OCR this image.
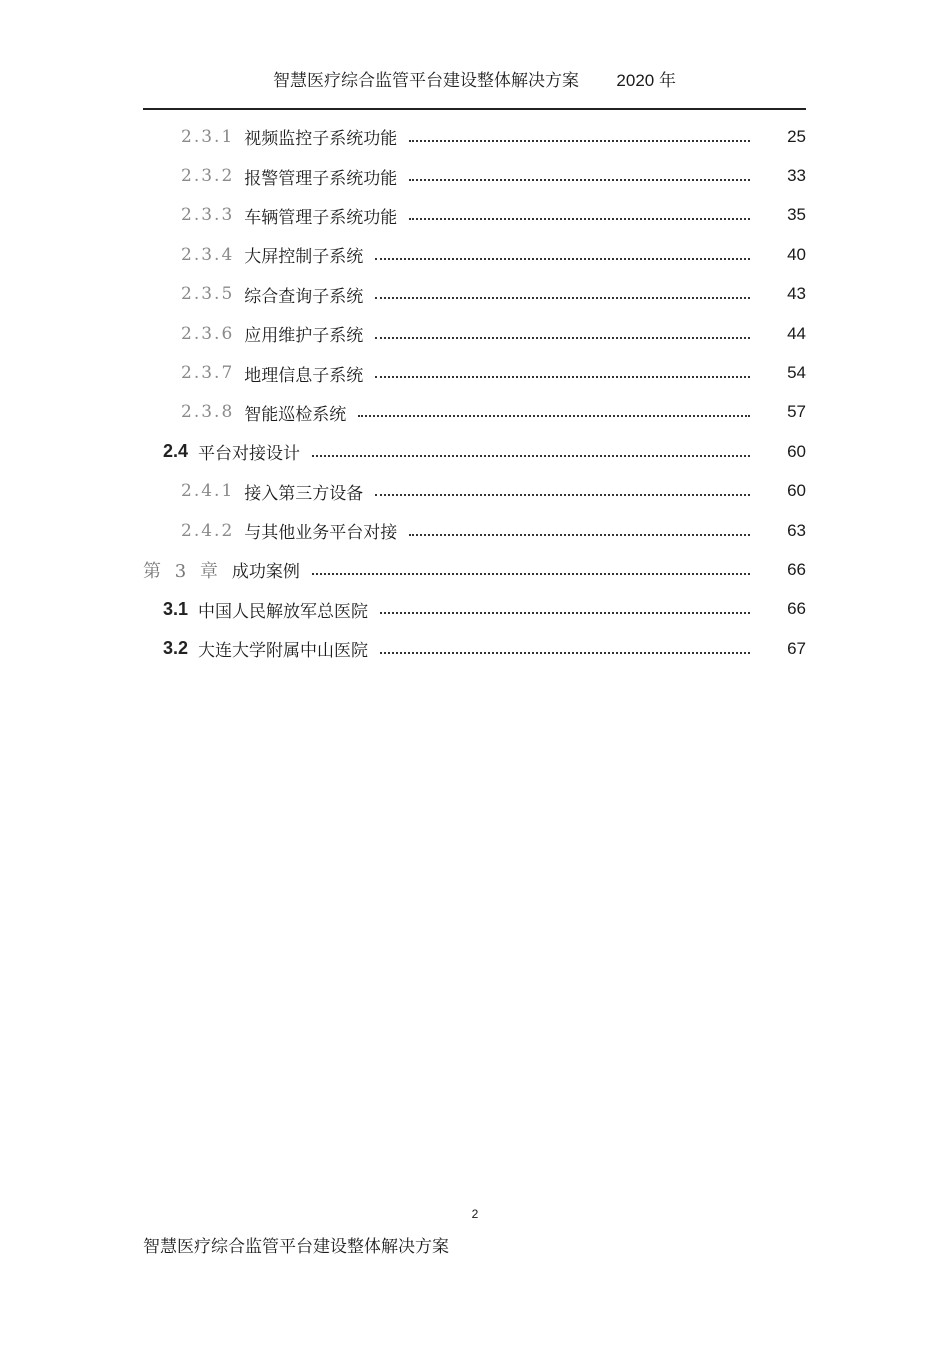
智慧医疗综合监管平台建设整体解决方案 2020 年
2.3.1 视频监控子系统功能	25
2.3.2 报警管理子系统功能	33
2.3.3 车辆管理子系统功能	35
2.3.4 大屏控制子系统	40
2.3.5 综合查询子系统	43
2.3.6 应用维护子系统	44
2.3.7 地理信息子系统	54
2.3.8 智能巡检系统	57
2.4 平台对接设计	60
2.4.1 接入第三方设备	60
2.4.2 与其他业务平台对接	63
第 3 章 成功案例	66
3.1 中国人民解放军总医院	66
3.2 大连大学附属中山医院	67
2
智慧医疗综合监管平台建设整体解决方案
